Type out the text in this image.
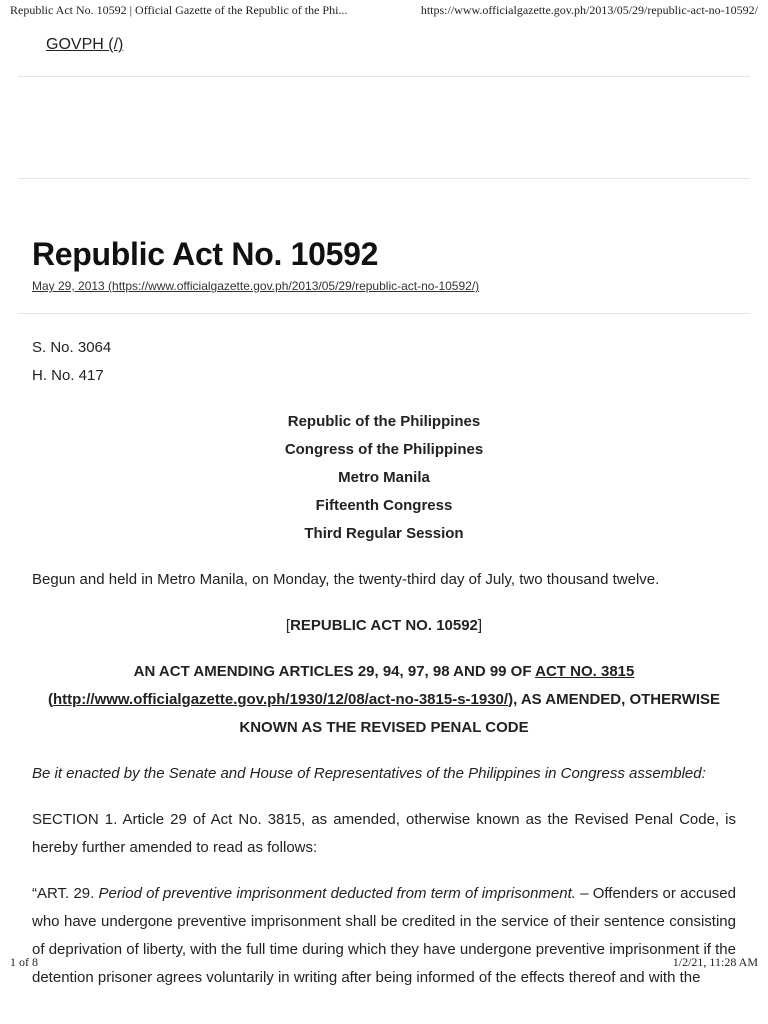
Republic Act No. 10592 | Official Gazette of the Republic of the Phi...	https://www.officialgazette.gov.ph/2013/05/29/republic-act-no-10592/
GOVPH (/)
Republic Act No. 10592
May 29, 2013 (https://www.officialgazette.gov.ph/2013/05/29/republic-act-no-10592/)

S. No. 3064

H. No. 417

Republic of the Philippines

Congress of the Philippines

Metro Manila

Fifteenth Congress

Third Regular Session

Begun and held in Metro Manila, on Monday, the twenty-third day of July, two thousand twelve.

[REPUBLIC ACT NO. 10592]

AN ACT AMENDING ARTICLES 29, 94, 97, 98 AND 99 OF ACT NO. 3815
(http://www.officialgazette.gov.ph/1930/12/08/act-no-3815-s-1930/), AS AMENDED, OTHERWISE KNOWN AS THE REVISED PENAL CODE

Be it enacted by the Senate and House of Representatives of the Philippines in Congress assembled:

SECTION 1. Article 29 of Act No. 3815, as amended, otherwise known as the Revised Penal Code, is hereby further amended to read as follows:

“ART. 29. Period of preventive imprisonment deducted from term of imprisonment. – Offenders or accused who have undergone preventive imprisonment shall be credited in the service of their sentence consisting of deprivation of liberty, with the full time during which they have undergone preventive imprisonment if the detention prisoner agrees voluntarily in writing after being informed of the effects thereof and with the

1 of 8	1/2/21, 11:28 AM
